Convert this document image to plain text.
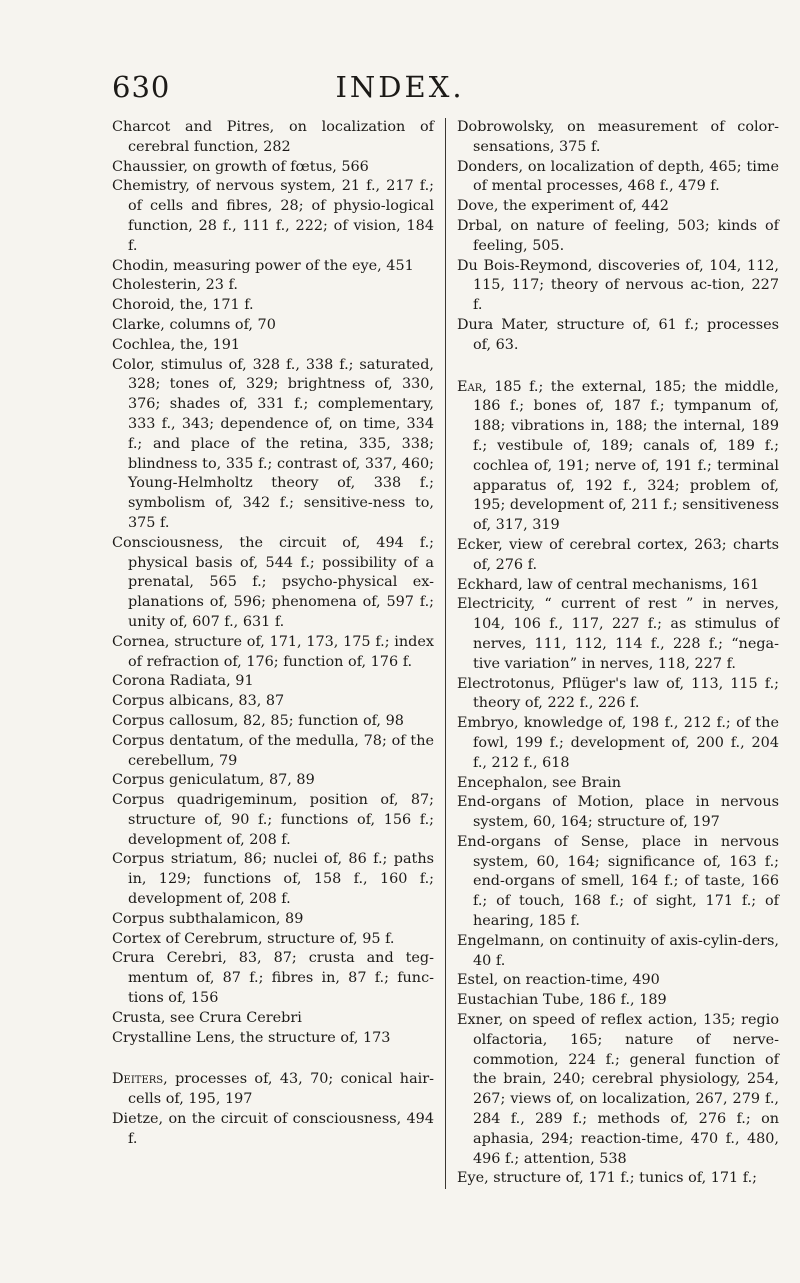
630	INDEX.
Charcot and Pitres, on localization of cerebral function, 282
Chaussier, on growth of fœtus, 566
Chemistry, of nervous system, 21 f., 217 f.; of cells and fibres, 28; of physio-logical function, 28 f., 111 f., 222; of vision, 184 f.
Chodin, measuring power of the eye, 451
Cholesterin, 23 f.
Choroid, the, 171 f.
Clarke, columns of, 70
Cochlea, the, 191
Color, stimulus of, 328 f., 338 f.; saturated, 328; tones of, 329; brightness of, 330, 376; shades of, 331 f.; complementary, 333 f., 343; dependence of, on time, 334 f.; and place of the retina, 335, 338; blindness to, 335 f.; contrast of, 337, 460; Young-Helmholtz theory of, 338 f.; symbolism of, 342 f.; sensitive-ness to, 375 f.
Consciousness, the circuit of, 494 f.; physical basis of, 544 f.; possibility of a prenatal, 565 f.; psycho-physical ex-planations of, 596; phenomena of, 597 f.; unity of, 607 f., 631 f.
Cornea, structure of, 171, 173, 175 f.; index of refraction of, 176; function of, 176 f.
Corona Radiata, 91
Corpus albicans, 83, 87
Corpus callosum, 82, 85; function of, 98
Corpus dentatum, of the medulla, 78; of the cerebellum, 79
Corpus geniculatum, 87, 89
Corpus quadrigeminum, position of, 87; structure of, 90 f.; functions of, 156 f.; development of, 208 f.
Corpus striatum, 86; nuclei of, 86 f.; paths in, 129; functions of, 158 f., 160 f.; development of, 208 f.
Corpus subthalamicon, 89
Cortex of Cerebrum, structure of, 95 f.
Crura Cerebri, 83, 87; crusta and teg-mentum of, 87 f.; fibres in, 87 f.; func-tions of, 156
Crusta, see Crura Cerebri
Crystalline Lens, the structure of, 173
Deiters, processes of, 43, 70; conical hair-cells of, 195, 197
Dietze, on the circuit of consciousness, 494 f.
Dobrowolsky, on measurement of color-sensations, 375 f.
Donders, on localization of depth, 465; time of mental processes, 468 f., 479 f.
Dove, the experiment of, 442
Drbal, on nature of feeling, 503; kinds of feeling, 505.
Du Bois-Reymond, discoveries of, 104, 112, 115, 117; theory of nervous ac-tion, 227 f.
Dura Mater, structure of, 61 f.; processes of, 63.
Ear, 185 f.; the external, 185; the middle, 186 f.; bones of, 187 f.; tympanum of, 188; vibrations in, 188; the internal, 189 f.; vestibule of, 189; canals of, 189 f.; cochlea of, 191; nerve of, 191 f.; terminal apparatus of, 192 f., 324; problem of, 195; development of, 211 f.; sensitiveness of, 317, 319
Ecker, view of cerebral cortex, 263; charts of, 276 f.
Eckhard, law of central mechanisms, 161
Electricity, “ current of rest ” in nerves, 104, 106 f., 117, 227 f.; as stimulus of nerves, 111, 112, 114 f., 228 f.; “nega-tive variation” in nerves, 118, 227 f.
Electrotonus, Pflüger's law of, 113, 115 f.; theory of, 222 f., 226 f.
Embryo, knowledge of, 198 f., 212 f.; of the fowl, 199 f.; development of, 200 f., 204 f., 212 f., 618
Encephalon, see Brain
End-organs of Motion, place in nervous system, 60, 164; structure of, 197
End-organs of Sense, place in nervous system, 60, 164; significance of, 163 f.; end-organs of smell, 164 f.; of taste, 166 f.; of touch, 168 f.; of sight, 171 f.; of hearing, 185 f.
Engelmann, on continuity of axis-cylin-ders, 40 f.
Estel, on reaction-time, 490
Eustachian Tube, 186 f., 189
Exner, on speed of reflex action, 135; regio olfactoria, 165; nature of nerve-commotion, 224 f.; general function of the brain, 240; cerebral physiology, 254, 267; views of, on localization, 267, 279 f., 284 f., 289 f.; methods of, 276 f.; on aphasia, 294; reaction-time, 470 f., 480, 496 f.; attention, 538
Eye, structure of, 171 f.; tunics of, 171 f.;
